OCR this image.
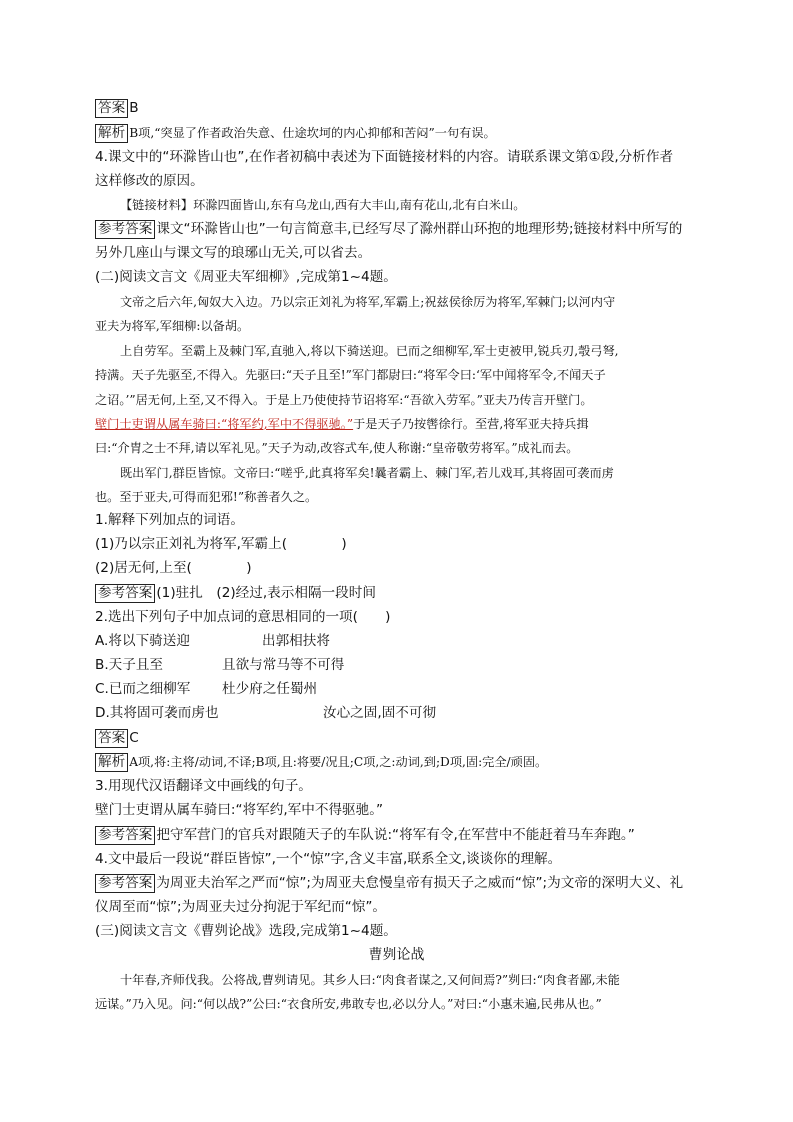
答案 B
解析 B项,“突显了作者政治失意、仕途坎坷的内心抑郁和苦闷”一句有误。
4.课文中的“环滁皆山也”,在作者初稿中表述为下面链接材料的内容。请联系课文第①段,分析作者
这样修改的原因。
【链接材料】环滁四面皆山,东有乌龙山,西有大丰山,南有花山,北有白米山。
参考答案 课文“环滁皆山也”一句言简意丰,已经写尽了滁州群山环抱的地理形势;链接材料中所写的
另外几座山与课文写的琅琊山无关,可以省去。
(二)阅读文言文《周亚夫军细柳》,完成第1~4题。
文帝之后六年,匈奴大入边。乃以宗正刘礼为将军,军霸上;祝兹侯徐厉为将军,军棘门;以河内守
亚夫为将军,军细柳:以备胡。
上自劳军。至霸上及棘门军,直驰入,将以下骑送迎。已而之细柳军,军士吏被甲,锐兵刃,彀弓弩,
持满。天子先驱至,不得入。先驱曰:“天子且至!”军门都尉曰:“将军令曰:‘军中闻将军令,不闻天子
之诏。’”居无何,上至,又不得入。于是上乃使使持节诏将军:“吾欲入劳军。”亚夫乃传言开壁门。
壁门士吏谓从属车骑曰:“将军约,军中不得驱驰。”于是天子乃按辔徐行。至营,将军亚夫持兵揖
曰:“介胄之士不拜,请以军礼见。”天子为动,改容式车,使人称谢:“皇帝敬劳将军。”成礼而去。
既出军门,群臣皆惊。文帝曰:“嗟乎,此真将军矣!曩者霸上、棘门军,若儿戏耳,其将固可袭而虏
也。至于亚夫,可得而犯邪!”称善者久之。
1.解释下列加点的词语。
(1)乃以宗正刘礼为将军,军霸上(　　　　)
(2)居无何,上至(　　　　)
参考答案 (1)驻扎　(2)经过,表示相隔一段时间
2.选出下列句子中加点词的意思相同的一项(　　)
A.将以下骑送迎	出郭相扶将
B.天子且至	且欲与常马等不可得
C.已而之细柳军 杜少府之任蜀州
D.其将固可袭而虏也	汝心之固,固不可彻
答案 C
解析 A项,将:主将/动词,不译;B项,且:将要/况且;C项,之:动词,到;D项,固:完全/顽固。
3.用现代汉语翻译文中画线的句子。
壁门士吏谓从属车骑曰:“将军约,军中不得驱驰。”
参考答案 把守军营门的官兵对跟随天子的车队说:“将军有令,在军营中不能赶着马车奔跑。”
4.文中最后一段说“群臣皆惊”,一个“惊”字,含义丰富,联系全文,谈谈你的理解。
参考答案 为周亚夫治军之严而“惊”;为周亚夫怠慢皇帝有损天子之威而“惊”;为文帝的深明大义、礼
仪周至而“惊”;为周亚夫过分拘泥于军纪而“惊”。
(三)阅读文言文《曹刿论战》选段,完成第1~4题。
曹刿论战
十年春,齐师伐我。公将战,曹刿请见。其乡人曰:“肉食者谋之,又何间焉?”刿曰:“肉食者鄙,未能
远谋。”乃入见。问:“何以战?”公曰:“衣食所安,弗敢专也,必以分人。”对曰:“小惠未遍,民弗从也。”
